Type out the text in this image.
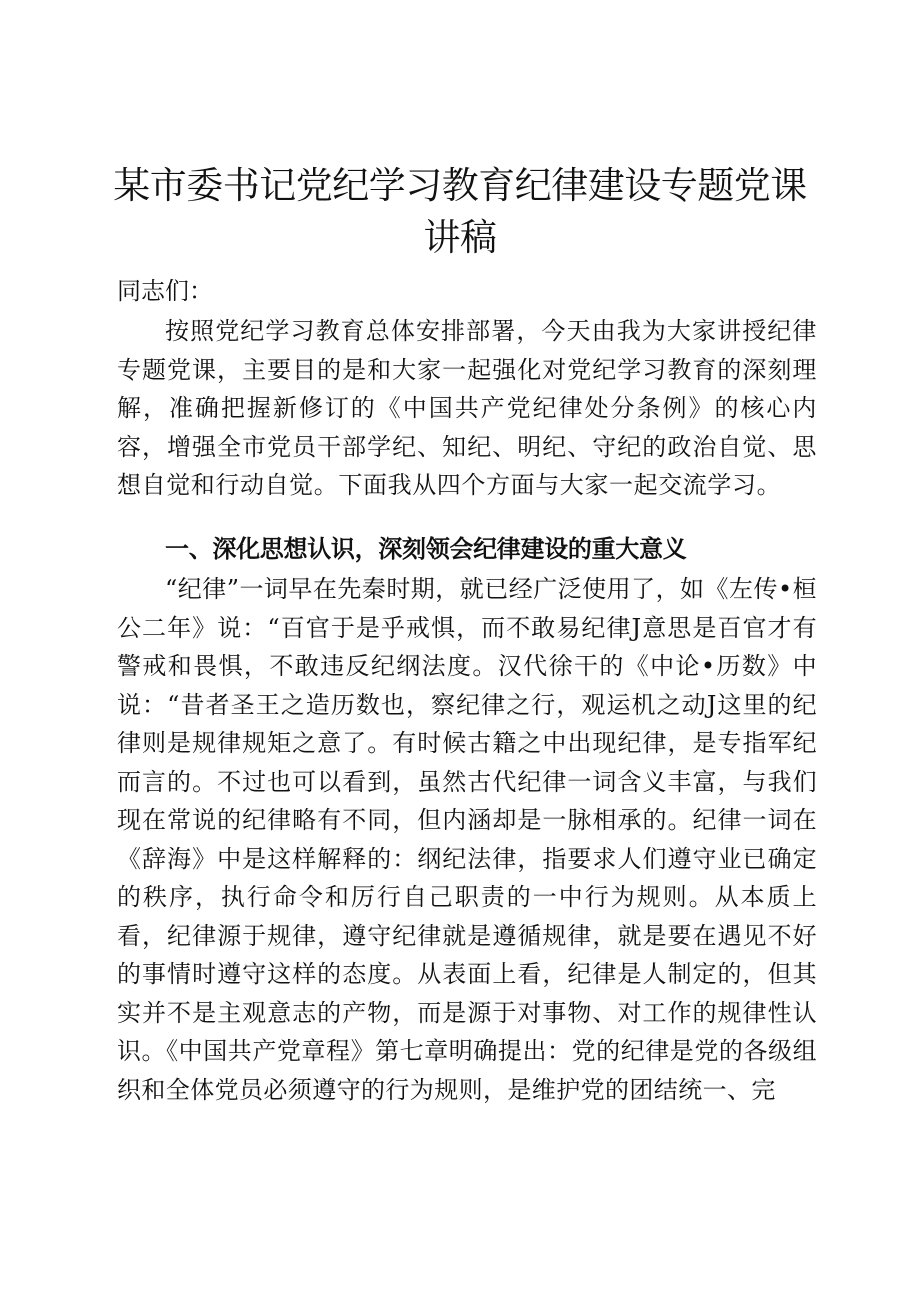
某市委书记党纪学习教育纪律建设专题党课讲稿
同志们：
按照党纪学习教育总体安排部署，今天由我为大家讲授纪律专题党课，主要目的是和大家一起强化对党纪学习教育的深刻理解，准确把握新修订的《中国共产党纪律处分条例》的核心内容，增强全市党员干部学纪、知纪、明纪、守纪的政治自觉、思想自觉和行动自觉。下面我从四个方面与大家一起交流学习。
一、深化思想认识，深刻领会纪律建设的重大意义
“纪律”一词早在先秦时期，就已经广泛使用了，如《左传•桓公二年》说：“百官于是乎戒惧，而不敢易纪律J意思是百官才有警戒和畏惧，不敢违反纪纲法度。汉代徐干的《中论•历数》中说：“昔者圣王之造历数也，察纪律之行，观运机之动J这里的纪律则是规律规矩之意了。有时候古籍之中出现纪律，是专指军纪而言的。不过也可以看到，虽然古代纪律一词含义丰富，与我们现在常说的纪律略有不同，但内涵却是一脉相承的。纪律一词在《辞海》中是这样解释的：纲纪法律，指要求人们遵守业已确定的秩序，执行命令和厉行自己职责的一中行为规则。从本质上看，纪律源于规律，遵守纪律就是遵循规律，就是要在遇见不好的事情时遵守这样的态度。从表面上看，纪律是人制定的，但其实并不是主观意志的产物，而是源于对事物、对工作的规律性认识。《中国共产党章程》第七章明确提出：党的纪律是党的各级组织和全体党员必须遵守的行为规则，是维护党的团结统一、完
